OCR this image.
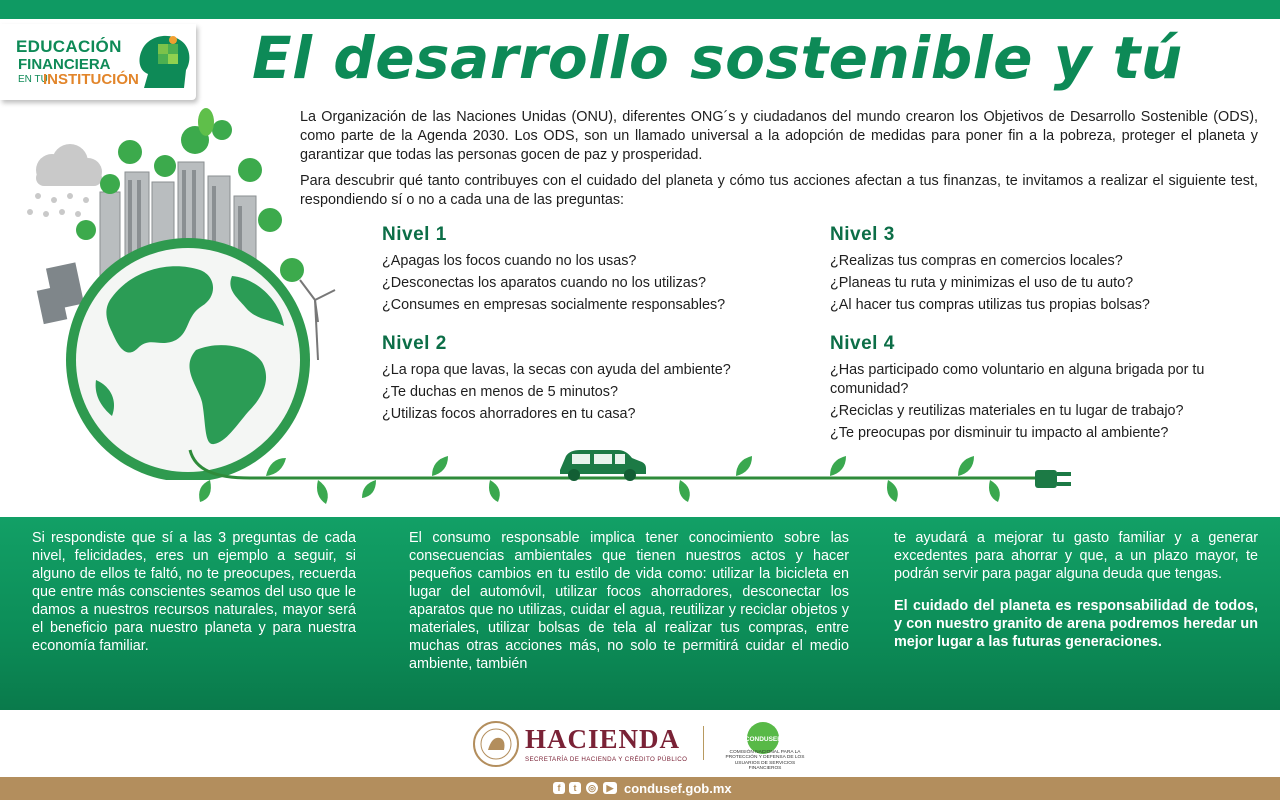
EDUCACIÓN
FINANCIERA
EN TU
INSTITUCIÓN El desarrollo sostenible y tú

La Organización de las Naciones Unidas (ONU), diferentes ONG´s y ciudadanos del mundo crearon los Objetivos de Desarrollo Sostenible (ODS), como parte de la Agenda 2030. Los ODS, son un llamado universal a la adopción de medidas para poner fin a la pobreza, proteger el planeta y garantizar que todas las personas gocen de paz y prosperidad.

Para descubrir qué tanto contribuyes con el cuidado del planeta y cómo tus acciones afectan a tus finanzas, te invitamos a realizar el siguiente test, respondiendo sí o no a cada una de las preguntas:

Nivel 1
¿Apagas los focos cuando no los usas?
¿Desconectas los aparatos cuando no los utilizas?
¿Consumes en empresas socialmente responsables?
Nivel 2
¿La ropa que lavas, la secas con ayuda del ambiente?
¿Te duchas en menos de 5 minutos?
¿Utilizas focos ahorradores en tu casa?
Nivel 3
¿Realizas tus compras en comercios locales?
¿Planeas tu ruta y minimizas el uso de tu auto?
¿Al hacer tus compras utilizas tus propias bolsas?
Nivel 4
¿Has participado como voluntario en alguna brigada por tu comunidad?
¿Reciclas y reutilizas materiales en tu lugar de trabajo?
¿Te preocupas por disminuir tu impacto al ambiente?

Si respondiste que sí a las 3 preguntas de cada nivel, felicidades, eres un ejemplo a seguir, si alguno de ellos te faltó, no te preocupes, recuerda que entre más conscientes seamos del uso que le damos a nuestros recursos naturales, mayor será el beneficio para nuestro planeta y para nuestra economía familiar.

El consumo responsable implica tener conocimiento sobre las consecuencias ambientales que tienen nuestros actos y hacer pequeños cambios en tu estilo de vida como: utilizar la bicicleta en lugar del automóvil, utilizar focos ahorradores, desconectar los aparatos que no utilizas, cuidar el agua, reutilizar y reciclar objetos y materiales, utilizar bolsas de tela al realizar tus compras, entre muchas otras acciones más, no solo te permitirá cuidar el medio ambiente, también

te ayudará a mejorar tu gasto familiar y a generar excedentes para ahorrar y que, a un plazo mayor, te podrán servir para pagar alguna deuda que tengas.

El cuidado del planeta es responsabilidad de todos, y con nuestro granito de arena podremos heredar un mejor lugar a las futuras generaciones.

HACIENDA
SECRETARÍA DE HACIENDA Y CRÉDITO PÚBLICO
CONDUSEF
COMISIÓN NACIONAL PARA LA PROTECCIÓN Y DEFENSA DE LOS USUARIOS DE SERVICIOS FINANCIEROS
f	t	◎	▶ condusef.gob.mx
